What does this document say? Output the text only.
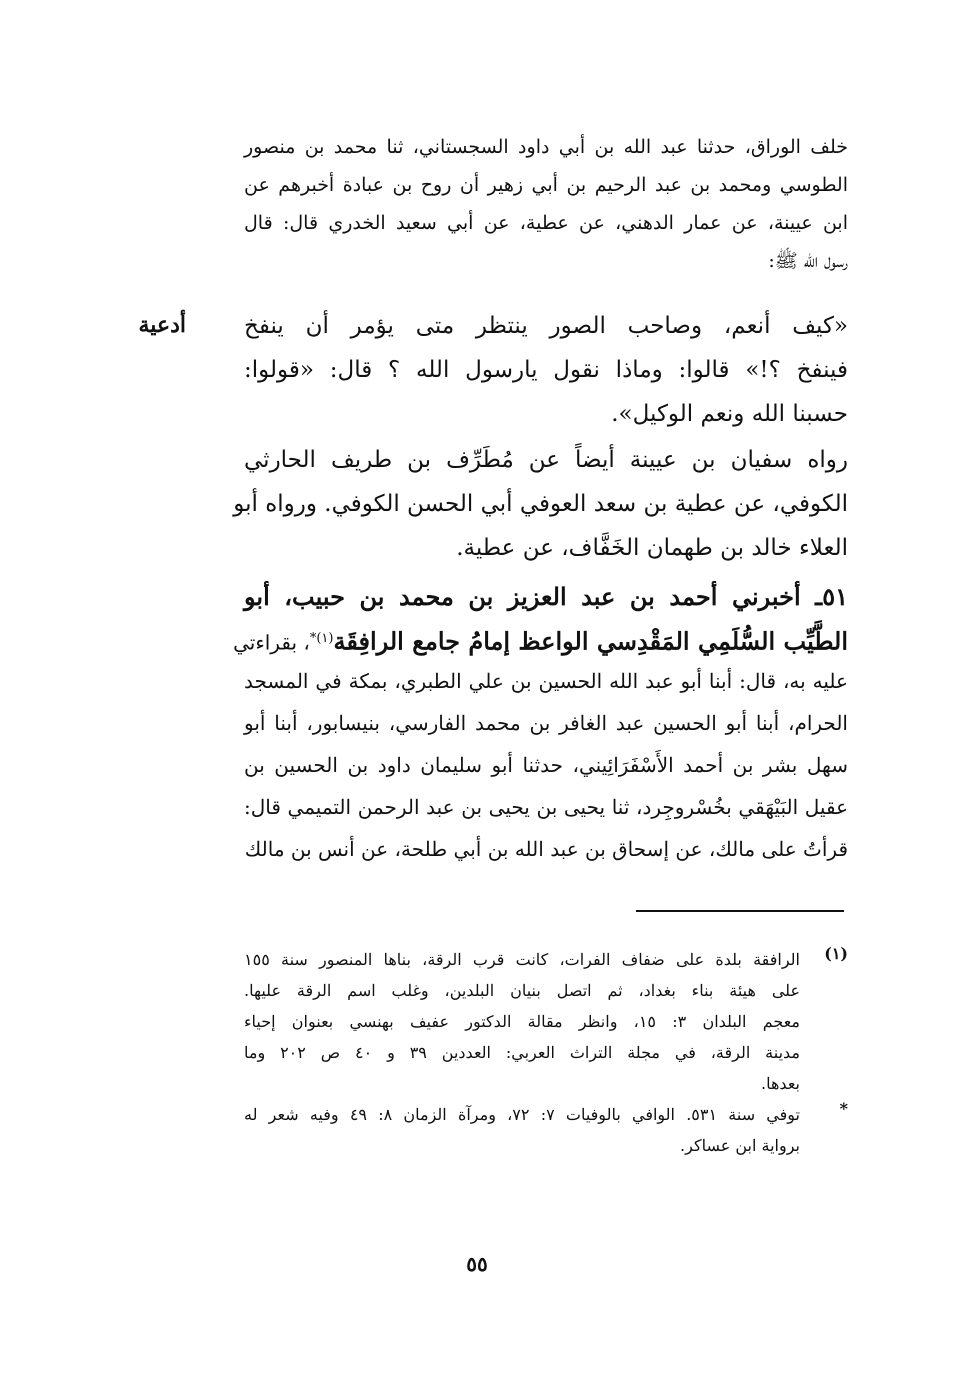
أدعية
خلف الوراق، حدثنا عبد الله بن أبي داود السجستاني، ثنا محمد بن منصور
الطوسي ومحمد بن عبد الرحيم بن أبي زهير أن روح بن عبادة أخبرهم عن
ابن عيينة، عن عمار الدهني، عن عطية، عن أبي سعيد الخدري قال: قال
رسول الله ﷺ:
«كيف أنعم، وصاحب الصور ينتظر متى يؤمر أن ينفخ
فينفخ ؟!» قالوا: وماذا نقول يارسول الله ؟ قال: «قولوا:
حسبنا الله ونعم الوكيل».
رواه سفيان بن عيينة أيضاً عن مُطَرِّف بن طريف الحارثي
الكوفي، عن عطية بن سعد العوفي أبي الحسن الكوفي. ورواه أبو
العلاء خالد بن طهمان الخَفَّاف، عن عطية.
٥١ـ أخبرني أحمد بن عبد العزيز بن محمد بن حبيب، أبو
الطَّيِّب السُّلَمِي المَقْدِسي الواعظ إمامُ جامع الرافِقَة$^{(١)*}$، بقراءتي
عليه به، قال: أبنا أبو عبد الله الحسين بن علي الطبري، بمكة في المسجد
الحرام، أبنا أبو الحسين عبد الغافر بن محمد الفارسي، بنيسابور، أبنا أبو
سهل بشر بن أحمد الأَسْفَرَائِيني، حدثنا أبو سليمان داود بن الحسين بن
عقيل البَيْهَقي بخُسْروجِرد، ثنا يحيى بن يحيى بن عبد الرحمن التميمي قال:
قرأتُ على مالك، عن إسحاق بن عبد الله بن أبي طلحة، عن أنس بن مالك
(١)
الرافقة بلدة على ضفاف الفرات، كانت قرب الرقة، بناها المنصور سنة ١٥٥
على هيئة بناء بغداد، ثم اتصل بنيان البلدين، وغلب اسم الرقة عليها.
معجم البلدان ٣: ١٥، وانظر مقالة الدكتور عفيف بهنسي بعنوان إحياء
مدينة الرقة، في مجلة التراث العربي: العددين ٣٩ و ٤٠ ص ٢٠٢ وما
بعدها.
*
توفي سنة ٥٣١. الوافي بالوفيات ٧: ٧٢، ومرآة الزمان ٨: ٤٩ وفيه شعر له
برواية ابن عساكر.
٥٥
